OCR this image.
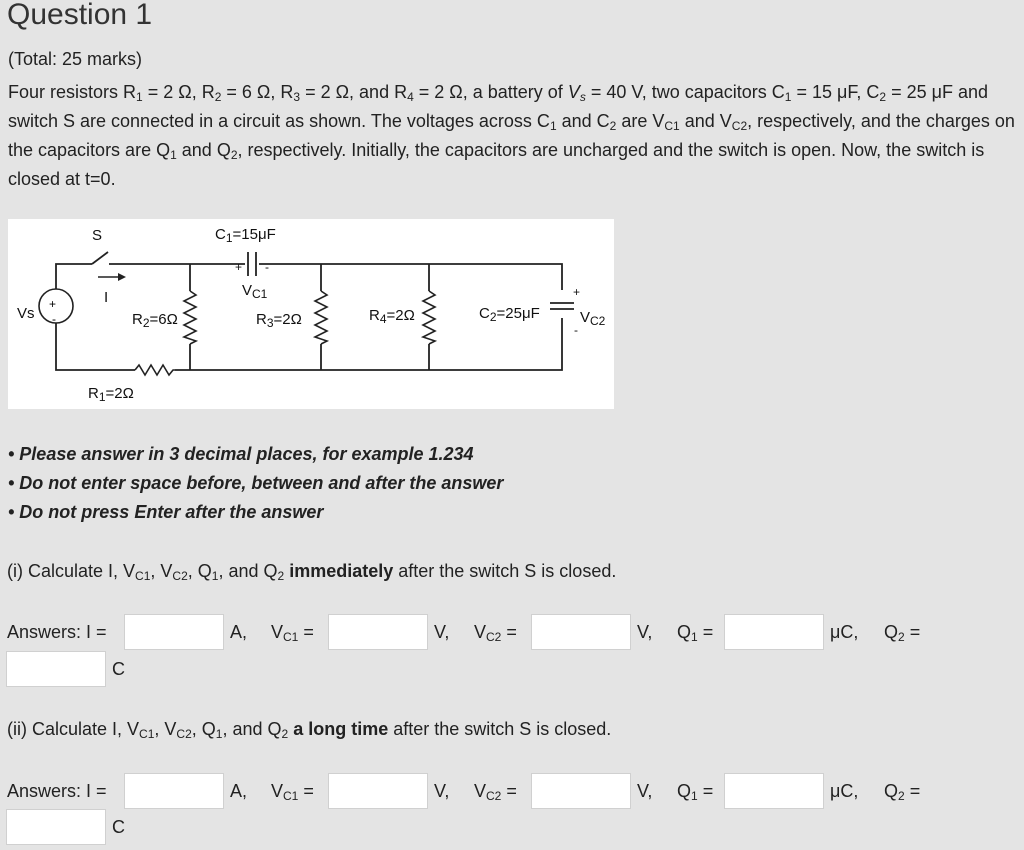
Question 1
(Total: 25 marks)
Four resistors $R_1 = 2$ Ω, $R_2 = 6$ Ω, $R_3 = 2$ Ω, and $R_4 = 2$ Ω, a battery of $V_s = 40$ V, two capacitors $C_1 = 15$ μF, $C_2 = 25$ μF and switch S are connected in a circuit as shown. The voltages across $C_1$ and $C_2$ are $V_{C1}$ and $V_{C2}$, respectively, and the charges on the capacitors are $Q_1$ and $Q_2$, respectively. Initially, the capacitors are uncharged and the switch is open. Now, the switch is closed at t=0.
+
-
S
I
Vs
$C_1=15\mu F$
+ -
$V_{C1}$
$R_2=6\Omega$	$R_3=2\Omega$	$R_4=2\Omega$	$C_2=25\mu F$
+
$V_{C2}$
-
$R_1=2\Omega$
• Please answer in 3 decimal places, for example 1.234
• Do not enter space before, between and after the answer
• Do not press Enter after the answer
(i) Calculate I, $V_{C1}$, $V_{C2}$, $Q_1$, and $Q_2$ immediately after the switch S is closed.
Answers: I =	A, $V_{C1}$ =	V, $V_{C2}$ =	V, $Q_1$ =	μC, $Q_2$ =
C
(ii) Calculate I, $V_{C1}$, $V_{C2}$, $Q_1$, and $Q_2$ a long time after the switch S is closed.
Answers: I =	A, $V_{C1}$ =	V, $V_{C2}$ =	V, $Q_1$ =	μC, $Q_2$ =
C
